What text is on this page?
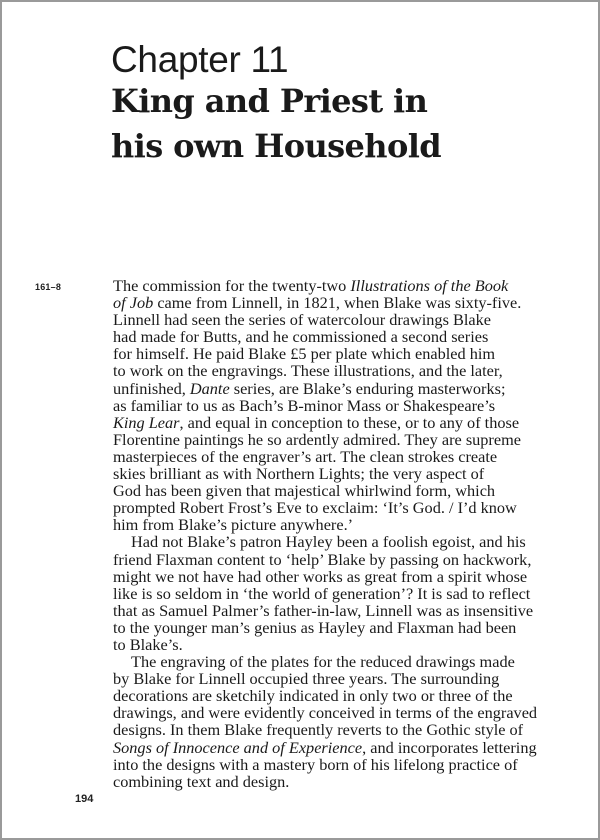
Chapter 11
King and Priest in
his own Household
161–8	The commission for the twenty-two Illustrations of the Book
of Job came from Linnell, in 1821, when Blake was sixty-five.
Linnell had seen the series of watercolour drawings Blake
had made for Butts, and he commissioned a second series
for himself. He paid Blake £5 per plate which enabled him
to work on the engravings. These illustrations, and the later,
unfinished, Dante series, are Blake’s enduring masterworks;
as familiar to us as Bach’s B-minor Mass or Shakespeare’s
King Lear, and equal in conception to these, or to any of those
Florentine paintings he so ardently admired. They are supreme
masterpieces of the engraver’s art. The clean strokes create
skies brilliant as with Northern Lights; the very aspect of
God has been given that majestical whirlwind form, which
prompted Robert Frost’s Eve to exclaim: ‘It’s God. / I’d know
him from Blake’s picture anywhere.’
Had not Blake’s patron Hayley been a foolish egoist, and his
friend Flaxman content to ‘help’ Blake by passing on hackwork,
might we not have had other works as great from a spirit whose
like is so seldom in ‘the world of generation’? It is sad to reflect
that as Samuel Palmer’s father-in-law, Linnell was as insensitive
to the younger man’s genius as Hayley and Flaxman had been
to Blake’s.
The engraving of the plates for the reduced drawings made
by Blake for Linnell occupied three years. The surrounding
decorations are sketchily indicated in only two or three of the
drawings, and were evidently conceived in terms of the engraved
designs. In them Blake frequently reverts to the Gothic style of
Songs of Innocence and of Experience, and incorporates lettering
into the designs with a mastery born of his lifelong practice of
combining text and design.
194
